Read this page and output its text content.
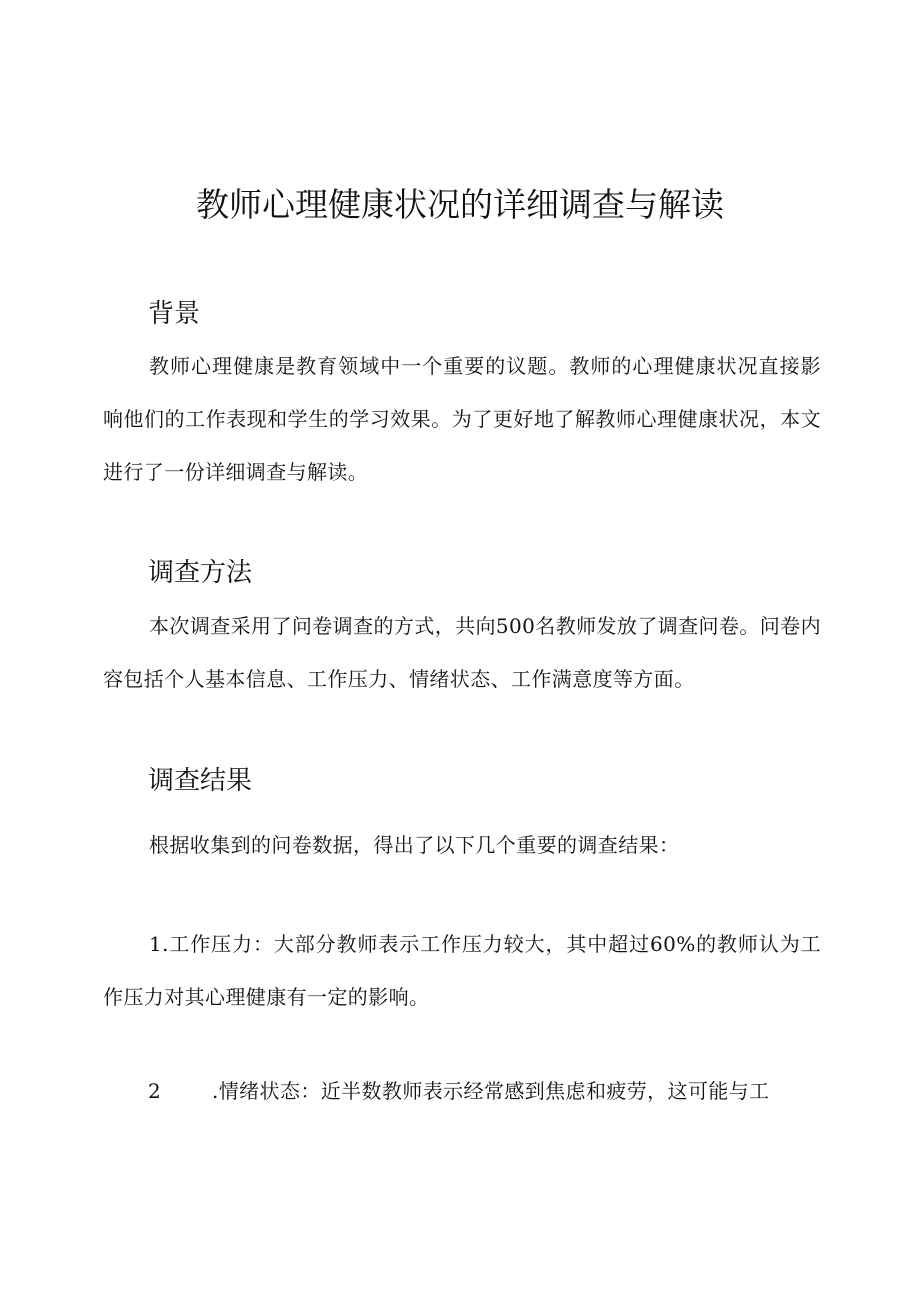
教师心理健康状况的详细调查与解读
背景

教师心理健康是教育领域中一个重要的议题。教师的心理健康状况直接影响他们的工作表现和学生的学习效果。为了更好地了解教师心理健康状况，本文进行了一份详细调查与解读。

调查方法

本次调查采用了问卷调查的方式，共向500名教师发放了调查问卷。问卷内容包括个人基本信息、工作压力、情绪状态、工作满意度等方面。

调查结果

根据收集到的问卷数据，得出了以下几个重要的调查结果：

1.工作压力：大部分教师表示工作压力较大，其中超过60%的教师认为工作压力对其心理健康有一定的影响。

2	.情绪状态：近半数教师表示经常感到焦虑和疲劳，这可能与工
